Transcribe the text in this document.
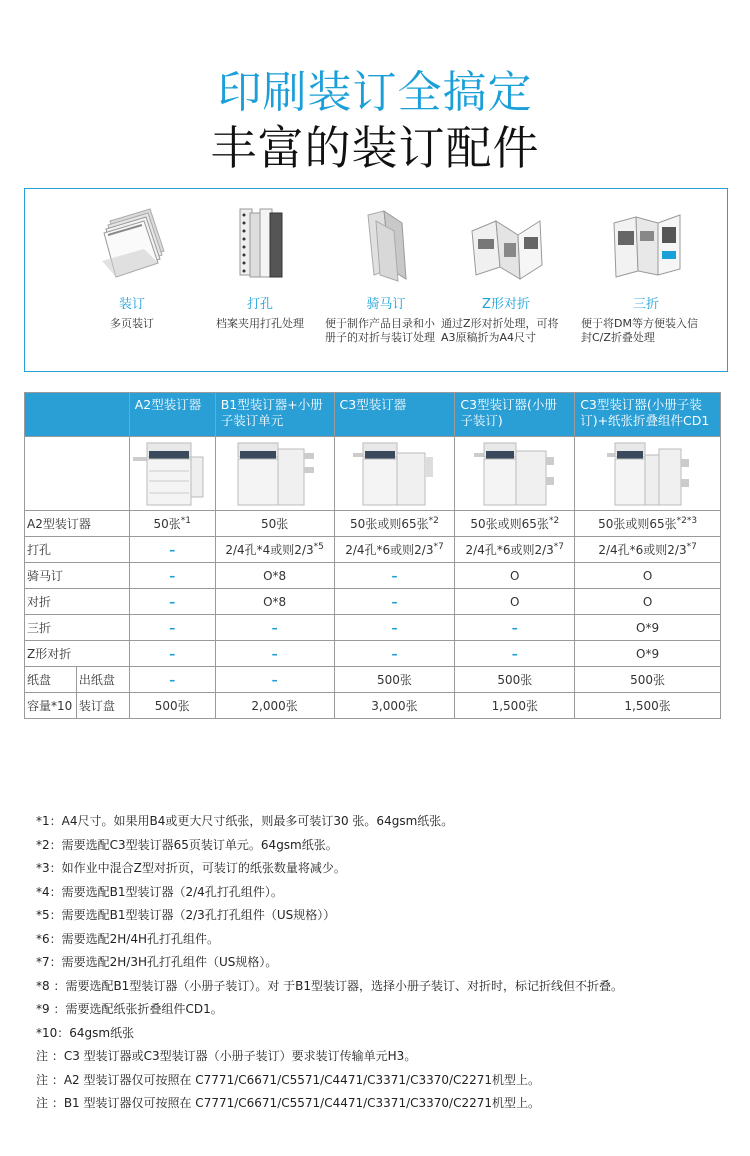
印刷装订全搞定
丰富的装订配件
装订
多页装订
打孔
档案夹用打孔处理
骑马订
便于制作产品目录和小册子的对折与装订处理
Z形对折
通过Z形对折处理，可将A3原稿折为A4尺寸
三折
便于将DM等方便装入信封C/Z折叠处理
		A2型装订器	B1型装订器+小册子装订单元	C3型装订器	C3型装订器(小册子装订)	C3型装订器(小册子装订)+纸张折叠组件CD1

A2型装订器		50张$^{*1}$	50张	50张或则65张$^{*2}$	50张或则65张$^{*2}$	50张或则65张$^{*2*3}$
打孔		–	2/4孔*4或则2/3$^{*5}$	2/4孔*6或则2/3$^{*7}$	2/4孔*6或则2/3$^{*7}$	2/4孔*6或则2/3$^{*7}$
骑马订		–	O*8	–	O	O
对折		–	O*8	–	O	O
三折		–	–	–	–	O*9
Z形对折		–	–	–	–	O*9
纸盘	出纸盘	–	–	500张	500张	500张
容量*10	装订盘	500张	2,000张	3,000张	1,500张	1,500张
*1：A4尺寸。如果用B4或更大尺寸纸张，则最多可装订30 张。64gsm纸张。
*2：需要选配C3型装订器65页装订单元。64gsm纸张。
*3：如作业中混合Z型对折页，可装订的纸张数量将减少。
*4：需要选配B1型装订器（2/4孔打孔组件）。
*5：需要选配B1型装订器（2/3孔打孔组件（US规格））
*6：需要选配2H/4H孔打孔组件。
*7：需要选配2H/3H孔打孔组件（US规格）。
*8 ：需要选配B1型装订器（小册子装订）。对 于B1型装订器，选择小册子装订、对折时，标记折线但不折叠。
*9 ：需要选配纸张折叠组件CD1。
*10：64gsm纸张
注 ：C3 型装订器或C3型装订器（小册子装订）要求装订传输单元H3。
注 ：A2 型装订器仅可按照在 C7771/C6671/C5571/C4471/C3371/C3370/C2271机型上。
注 ：B1 型装订器仅可按照在 C7771/C6671/C5571/C4471/C3371/C3370/C2271机型上。
